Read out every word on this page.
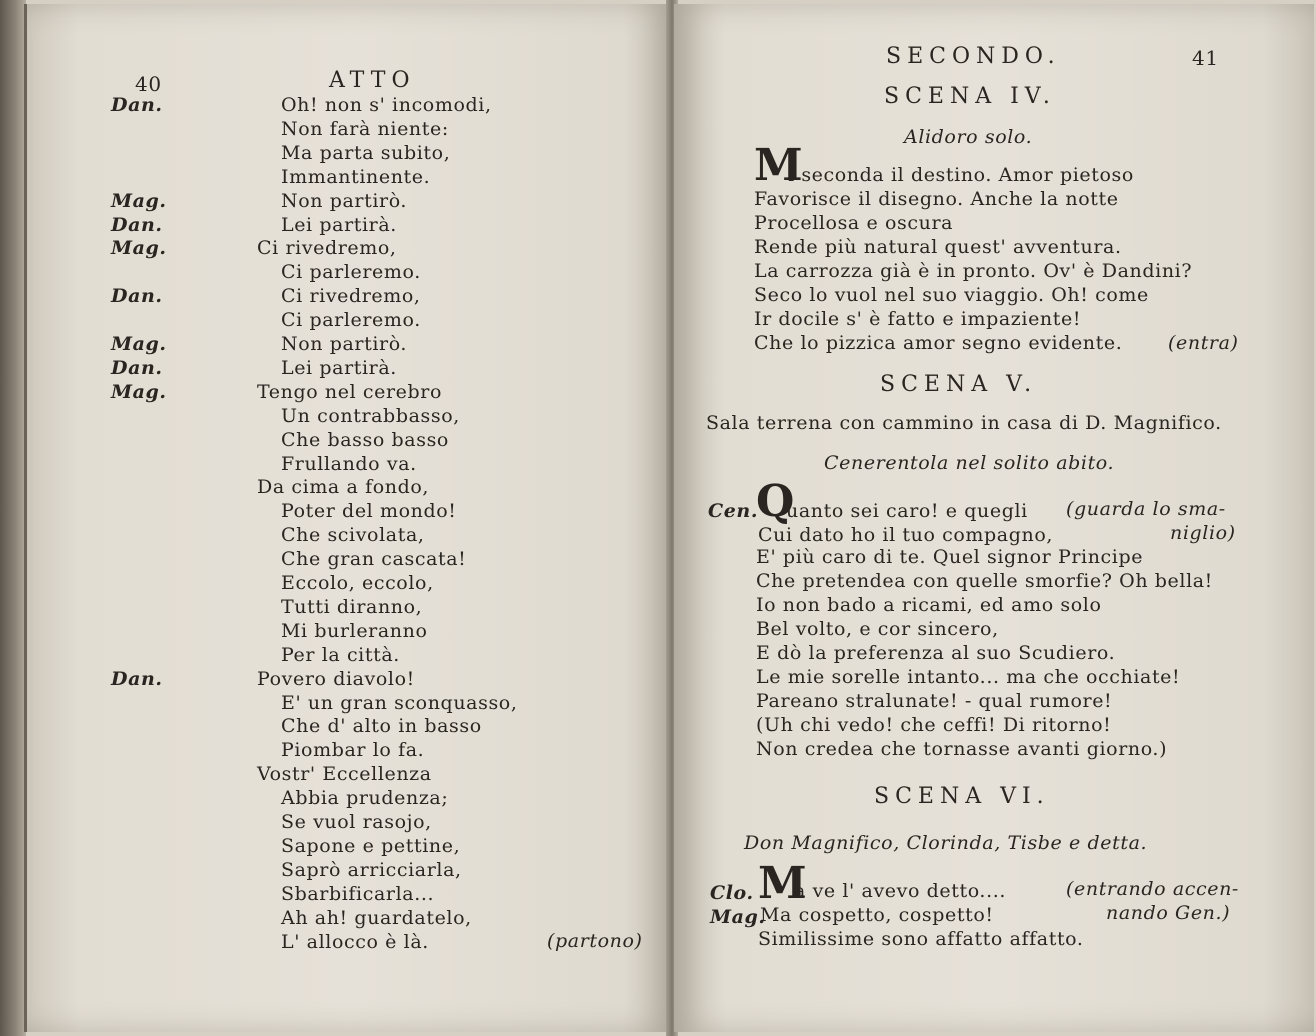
40	ATTO
Dan.	Oh! non s' incomodi,
Non farà niente:
Ma parta subito,
Immantinente.
Mag.	Non partirò.
Dan.	Lei partirà.
Mag.	Ci rivedremo,
Ci parleremo.
Dan.	Ci rivedremo,
Ci parleremo.
Mag.	Non partirò.
Dan.	Lei partirà.
Mag.	Tengo nel cerebro
Un contrabbasso,
Che basso basso
Frullando va.
Da cima a fondo,
Poter del mondo!
Che scivolata,
Che gran cascata!
Eccolo, eccolo,
Tutti diranno,
Mi burleranno
Per la città.
Dan.	Povero diavolo!
E' un gran sconquasso,
Che d' alto in basso
Piombar lo fa.
Vostr' Eccellenza
Abbia prudenza;
Se vuol rasojo,
Sapone e pettine,
Saprò arricciarla,
Sbarbificarla...
Ah ah! guardatelo,
L' allocco è là.	(partono)
SECONDO.	41
SCENA IV.
Alidoro solo.
M
i seconda il destino. Amor pietoso
Favorisce il disegno. Anche la notte
Procellosa e oscura
Rende più natural quest' avventura.
La carrozza già è in pronto. Ov' è Dandini?
Seco lo vuol nel suo viaggio. Oh! come
Ir docile s' è fatto e impaziente!
Che lo pizzica amor segno evidente. (entra)
SCENA V.
Sala terrena con cammino in casa di D. Magnifico.
Cenerentola nel solito abito.
Cen.
Q
uanto sei caro! e quegli (guarda lo sma-
Cui dato ho il tuo compagno,	niglio)
E' più caro di te. Quel signor Principe
Che pretendea con quelle smorfie? Oh bella!
Io non bado a ricami, ed amo solo
Bel volto, e cor sincero,
E dò la preferenza al suo Scudiero.
Le mie sorelle intanto... ma che occhiate!
Pareano stralunate! - qual rumore!
(Uh chi vedo! che ceffi! Di ritorno!
Non credea che tornasse avanti giorno.)
SCENA VI.
Don Magnifico, Clorinda, Tisbe e detta.
Clo. M
a ve l' avevo detto....	(entrando accen-
Mag.
Ma cospetto, cospetto!	nando Gen.)
Similissime sono affatto affatto.
